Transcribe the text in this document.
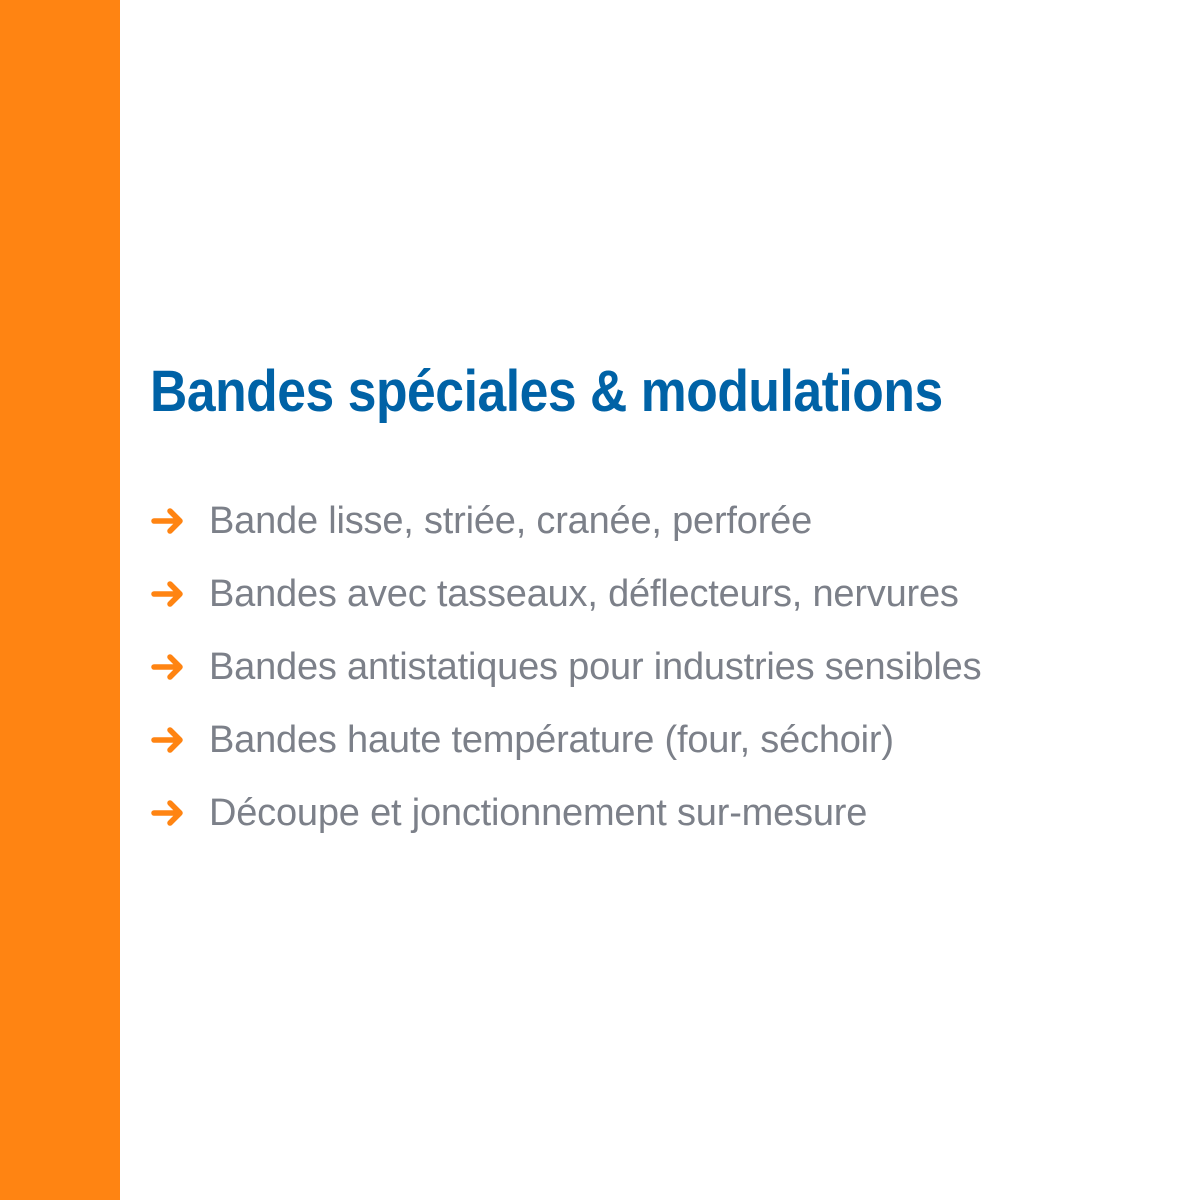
Bandes spéciales & modulations
Bande lisse, striée, cranée, perforée
Bandes avec tasseaux, déflecteurs, nervures
Bandes antistatiques pour industries sensibles
Bandes haute température (four, séchoir)
Découpe et jonctionnement sur-mesure
